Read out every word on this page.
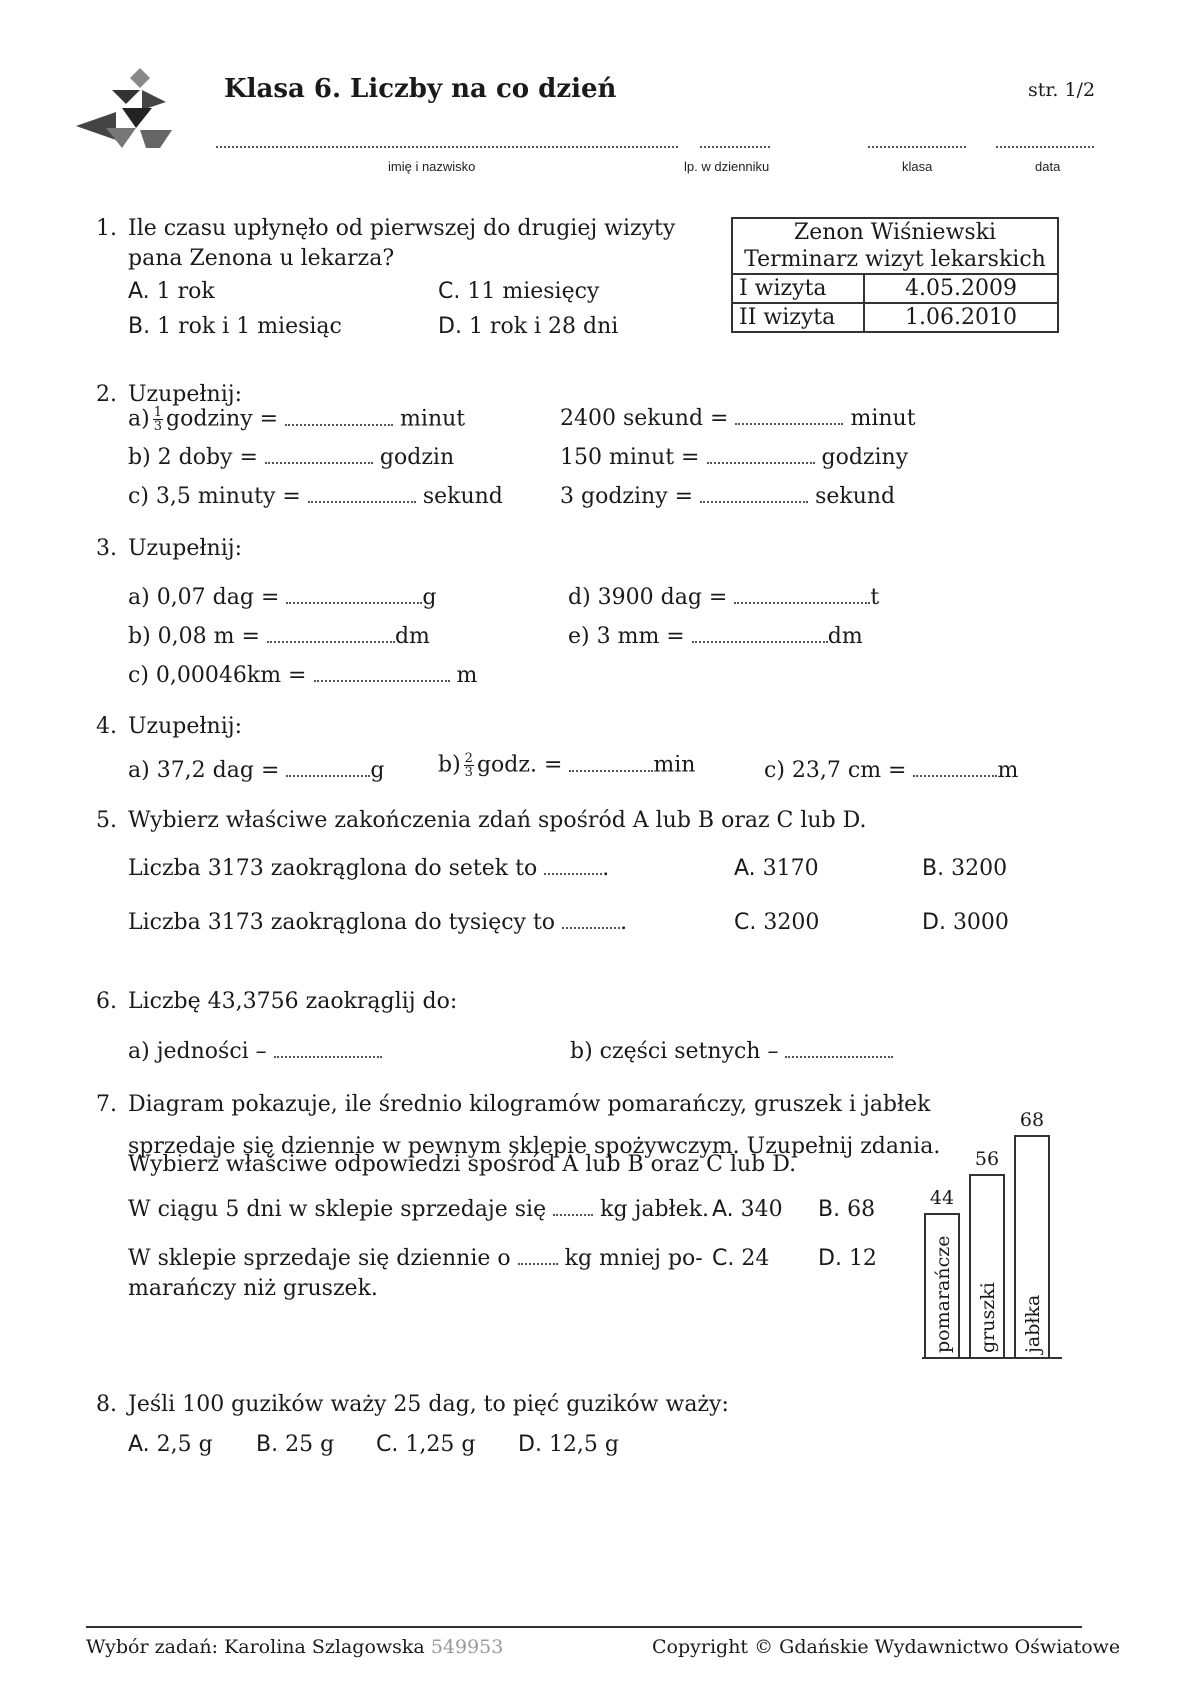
Klasa 6. Liczby na co dzień	str. 1/2
imię i nazwisko	lp. w dzienniku	klasa	data
1. Ile czasu upłynęło od pierwszej do drugiej wizyty
pana Zenona u lekarza?
A. 1 rok	C. 11 miesięcy
B. 1 rok i 1 miesiąc	D. 1 rok i 28 dni
Zenon Wiśniewski	
Terminarz wizyt lekarskich	
I wizyta	4.05.2009
II wizyta	1.06.2010
2. Uzupełnij:
$a) \frac{1}{3}$ godziny =	minut
b) 2 doby =	godzin
c) 3,5 minuty =	sekund
2400 sekund =	minut
150 minut =	godziny
3 godziny =	sekund
3. Uzupełnij:
a) 0,07 dag =	g
b) 0,08 m =	dm
c) 0,00046km =	m
d) 3900 dag =	t
e) 3 mm =	dm
4. Uzupełnij:
a) 37,2 dag =	g $b) \frac{2}{3}$ godz. =	min	c) 23,7 cm =	m
5. Wybierz właściwe zakończenia zdań spośród A lub B oraz C lub D.
Liczba 3173 zaokrąglona do setek to	.
Liczba 3173 zaokrąglona do tysięcy to	.
A. 3170	B. 3200
C. 3200	D. 3000
6. Liczbę 43,3756 zaokrąglij do:
a) jedności –	b) części setnych –
7. Diagram pokazuje, ile średnio kilogramów pomarańczy, gruszek i jabłek
sprzedaje się dziennie w pewnym sklepie spożywczym. Uzupełnij zdania.
Wybierz właściwe odpowiedzi spośród A lub B oraz C lub D.
W ciągu 5 dni w sklepie sprzedaje się kg jabłek.
W sklepie sprzedaje się dziennie o kg mniej po-
marańczy niż gruszek.
A. 340 B. 68
C. 24 D. 12
44
pomarańcze
56
gruszki
68
jabłka
8. Jeśli 100 guzików waży 25 dag, to pięć guzików waży:
A. 2,5 g B. 25 g C. 1,25 g D. 12,5 g
Wybór zadań: Karolina Szlagowska 549953	Copyright © Gdańskie Wydawnictwo Oświatowe
